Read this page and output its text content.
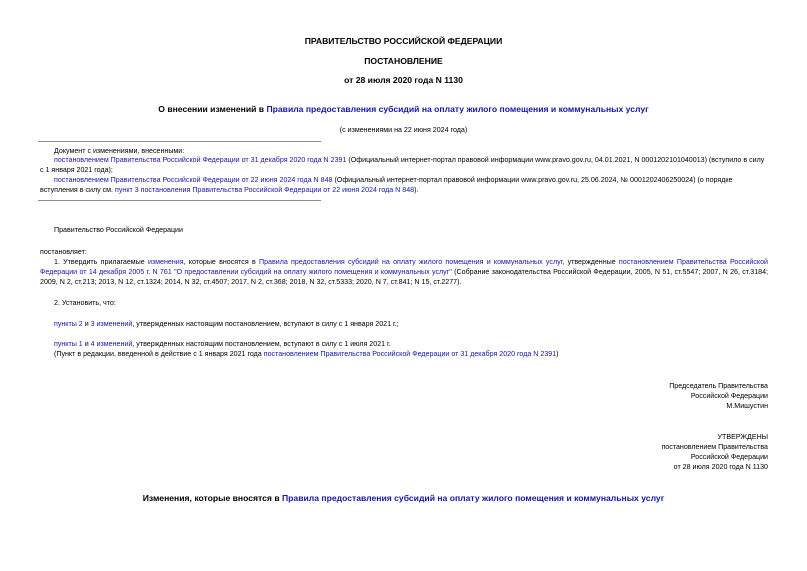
ПРАВИТЕЛЬСТВО РОССИЙСКОЙ ФЕДЕРАЦИИ
ПОСТАНОВЛЕНИЕ
от 28 июля 2020 года N 1130
О внесении изменений в Правила предоставления субсидий на оплату жилого помещения и коммунальных услуг
(с изменениями на 22 июня 2024 года)
Документ с изменениями, внесенными:
постановлением Правительства Российской Федерации от 31 декабря 2020 года N 2391 (Официальный интернет-портал правовой информации www.pravo.gov.ru, 04.01.2021, N 0001202101040013) (вступило в силу с 1 января 2021 года);
постановлением Правительства Российской Федерации от 22 июня 2024 года N 848 (Официальный интернет-портал правовой информации www.pravo.gov.ru, 25.06.2024, № 0001202406250024) (о порядке вступления в силу см. пункт 3 постановления Правительства Российской Федерации от 22 июня 2024 года N 848).
Правительство Российской Федерации
постановляет:
1. Утвердить прилагаемые изменения, которые вносятся в Правила предоставления субсидий на оплату жилого помещения и коммунальных услуг, утвержденные постановлением Правительства Российской Федерации от 14 декабря 2005 г. N 761 "О предоставлении субсидий на оплату жилого помещения и коммунальных услуг" (Собрание законодательства Российской Федерации, 2005, N 51, ст.5547; 2007, N 26, ст.3184; 2009, N 2, ст.213; 2013, N 12, ст.1324; 2014, N 32, ст.4507; 2017, N 2, ст.368; 2018, N 32, ст.5333; 2020, N 7, ст.841; N 15, ст.2277).
2. Установить, что:
пункты 2 и 3 изменений, утвержденных настоящим постановлением, вступают в силу с 1 января 2021 г.;
пункты 1 и 4 изменений, утвержденных настоящим постановлением, вступают в силу с 1 июля 2021 г.
(Пункт в редакции, введенной в действие с 1 января 2021 года постановлением Правительства Российской Федерации от 31 декабря 2020 года N 2391)
Председатель Правительства
Российской Федерации
М.Мишустин
УТВЕРЖДЕНЫ
постановлением Правительства
Российской Федерации
от 28 июля 2020 года N 1130
Изменения, которые вносятся в Правила предоставления субсидий на оплату жилого помещения и коммунальных услуг
